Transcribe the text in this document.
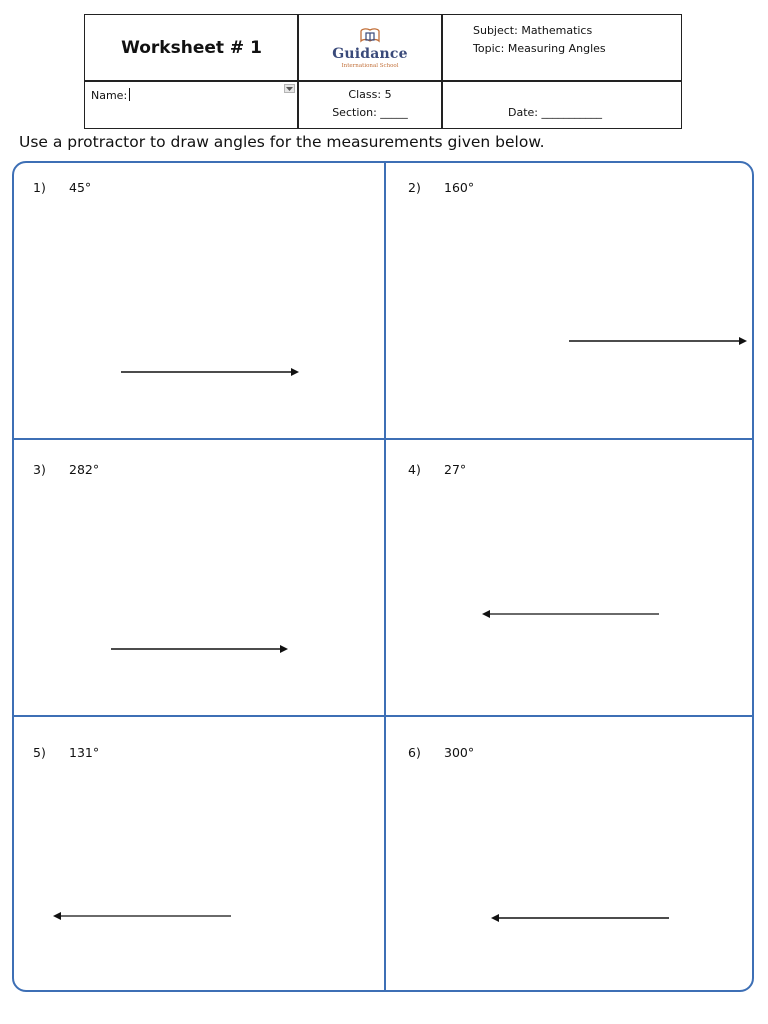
Worksheet # 1	Guidance
International School
Subject: Mathematics
Topic: Measuring Angles
Name:	Class: 5
Section: _____	Date: ___________
Use a protractor to draw angles for the measurements given below.
1) 45°	2) 160°
3) 282°	4) 27°
5) 131°	6) 300°
